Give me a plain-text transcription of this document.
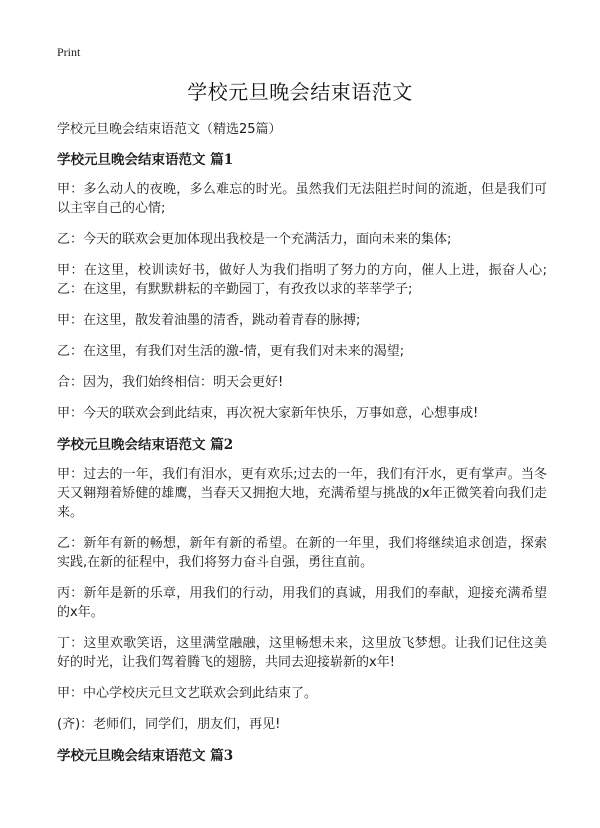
Print
学校元旦晚会结束语范文
学校元旦晚会结束语范文（精选25篇）
学校元旦晚会结束语范文 篇1

甲：多么动人的夜晚，多么难忘的时光。虽然我们无法阻拦时间的流逝，但是我们可以主宰自己的心情;

乙：今天的联欢会更加体现出我校是一个充满活力，面向未来的集体;

甲：在这里，校训读好书，做好人为我们指明了努力的方向，催人上进，振奋人心; 乙：在这里，有默默耕耘的辛勤园丁，有孜孜以求的莘莘学子;

甲：在这里，散发着油墨的清香，跳动着青春的脉搏;

乙：在这里，有我们对生活的激-情，更有我们对未来的渴望;

合：因为，我们始终相信：明天会更好!

甲：今天的联欢会到此结束，再次祝大家新年快乐，万事如意，心想事成!

学校元旦晚会结束语范文 篇2

甲：过去的一年，我们有泪水，更有欢乐;过去的一年，我们有汗水，更有掌声。当冬天又翱翔着矫健的雄鹰，当春天又拥抱大地，充满希望与挑战的x年正微笑着向我们走来。

乙：新年有新的畅想，新年有新的希望。在新的一年里，我们将继续追求创造，探索实践,在新的征程中，我们将努力奋斗自强，勇往直前。

丙：新年是新的乐章，用我们的行动，用我们的真诚，用我们的奉献，迎接充满希望的x年。

丁：这里欢歌笑语，这里满堂融融，这里畅想未来，这里放飞梦想。让我们记住这美好的时光，让我们驾着腾飞的翅膀，共同去迎接崭新的x年!

甲：中心学校庆元旦文艺联欢会到此结束了。

(齐)：老师们，同学们，朋友们，再见!

学校元旦晚会结束语范文 篇3
